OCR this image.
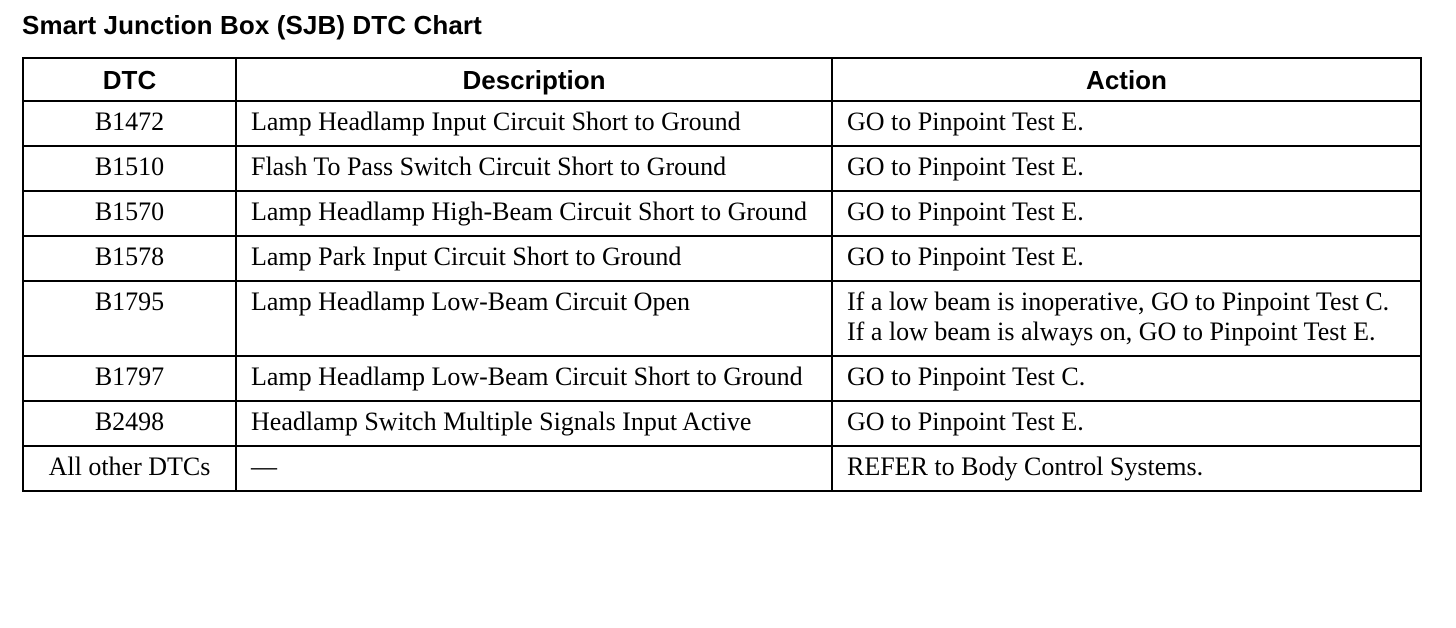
Smart Junction Box (SJB) DTC Chart
DTC	Description	Action
B1472	Lamp Headlamp Input Circuit Short to Ground	GO to Pinpoint Test E.

B1510	Flash To Pass Switch Circuit Short to Ground	GO to Pinpoint Test E.

B1570	Lamp Headlamp High-Beam Circuit Short to Ground	GO to Pinpoint Test E.

B1578	Lamp Park Input Circuit Short to Ground	GO to Pinpoint Test E.

B1795	Lamp Headlamp Low-Beam Circuit Open	If a low beam is inoperative, GO to Pinpoint Test C.
If a low beam is always on, GO to Pinpoint Test E.

B1797	Lamp Headlamp Low-Beam Circuit Short to Ground	GO to Pinpoint Test C.

B2498	Headlamp Switch Multiple Signals Input Active	GO to Pinpoint Test E.

All other DTCs	—	REFER to Body Control Systems.
